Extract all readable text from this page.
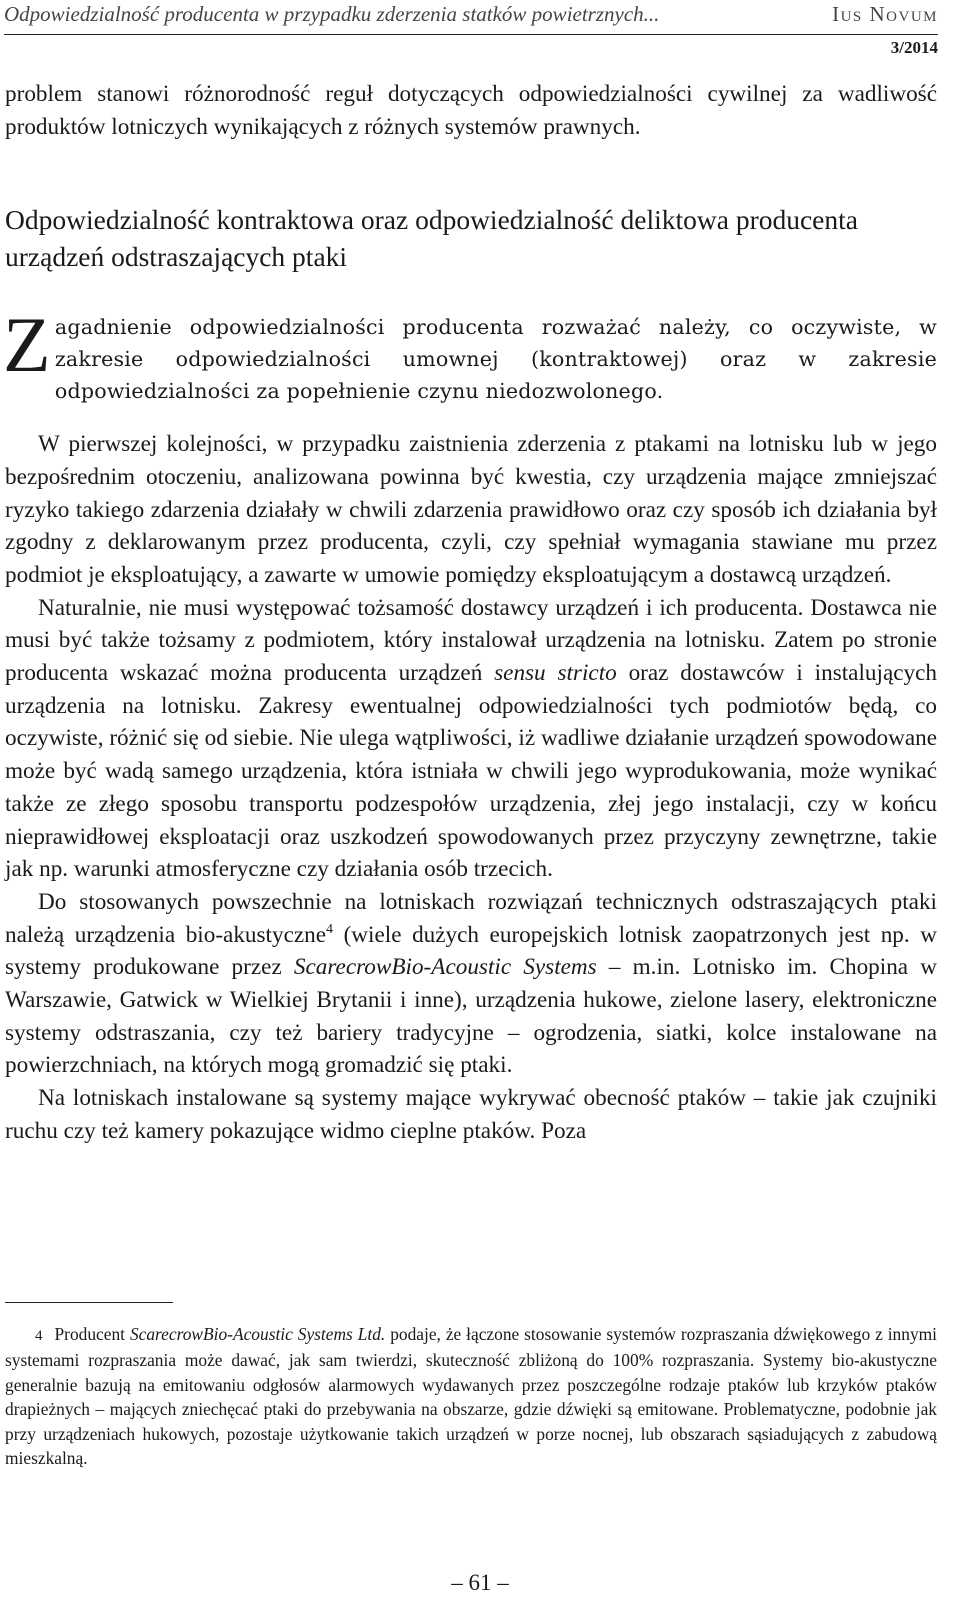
Odpowiedzialność producenta w przypadku zderzenia statków powietrznych...	Ius Novum
3/2014

problem stanowi różnorodność reguł dotyczących odpowiedzialności cywilnej za wadliwość produktów lotniczych wynikających z różnych systemów prawnych.

Odpowiedzialność kontraktowa oraz odpowiedzialność deliktowa producenta urządzeń odstraszających ptaki

Zagadnienie odpowiedzialności producenta rozważać należy, co oczywiste, w zakresie odpowiedzialności umownej (kontraktowej) oraz w zakresie odpowiedzialności za popełnienie czynu niedozwolonego.

W pierwszej kolejności, w przypadku zaistnienia zderzenia z ptakami na lotnisku lub w jego bezpośrednim otoczeniu, analizowana powinna być kwestia, czy urządzenia mające zmniejszać ryzyko takiego zdarzenia działały w chwili zdarzenia prawidłowo oraz czy sposób ich działania był zgodny z deklarowanym przez producenta, czyli, czy spełniał wymagania stawiane mu przez podmiot je eksploatujący, a zawarte w umowie pomiędzy eksploatującym a dostawcą urządzeń.

Naturalnie, nie musi występować tożsamość dostawcy urządzeń i ich producenta. Dostawca nie musi być także tożsamy z podmiotem, który instalował urządzenia na lotnisku. Zatem po stronie producenta wskazać można producenta urządzeń sensu stricto oraz dostawców i instalujących urządzenia na lotnisku. Zakresy ewentualnej odpowiedzialności tych podmiotów będą, co oczywiste, różnić się od siebie. Nie ulega wątpliwości, iż wadliwe działanie urządzeń spowodowane może być wadą samego urządzenia, która istniała w chwili jego wyprodukowania, może wynikać także ze złego sposobu transportu podzespołów urządzenia, złej jego instalacji, czy w końcu nieprawidłowej eksploatacji oraz uszkodzeń spowodowanych przez przyczyny zewnętrzne, takie jak np. warunki atmosferyczne czy działania osób trzecich.

Do stosowanych powszechnie na lotniskach rozwiązań technicznych odstraszających ptaki należą urządzenia bio-akustyczne$^4$ (wiele dużych europejskich lotnisk zaopatrzonych jest np. w systemy produkowane przez ScarecrowBio-Acoustic Systems – m.in. Lotnisko im. Chopina w Warszawie, Gatwick w Wielkiej Brytanii i inne), urządzenia hukowe, zielone lasery, elektroniczne systemy odstraszania, czy też bariery tradycyjne – ogrodzenia, siatki, kolce instalowane na powierzchniach, na których mogą gromadzić się ptaki.

Na lotniskach instalowane są systemy mające wykrywać obecność ptaków – takie jak czujniki ruchu czy też kamery pokazujące widmo cieplne ptaków. Poza

4 Producent ScarecrowBio-Acoustic Systems Ltd. podaje, że łączone stosowanie systemów rozpraszania dźwiękowego z innymi systemami rozpraszania może dawać, jak sam twierdzi, skuteczność zbliżoną do 100% rozpraszania. Systemy bio-akustyczne generalnie bazują na emitowaniu odgłosów alarmowych wydawanych przez poszczególne rodzaje ptaków lub krzyków ptaków drapieżnych – mających zniechęcać ptaki do przebywania na obszarze, gdzie dźwięki są emitowane. Problematyczne, podobnie jak przy urządzeniach hukowych, pozostaje użytkowanie takich urządzeń w porze nocnej, lub obszarach sąsiadujących z zabudową mieszkalną.
– 61 –
